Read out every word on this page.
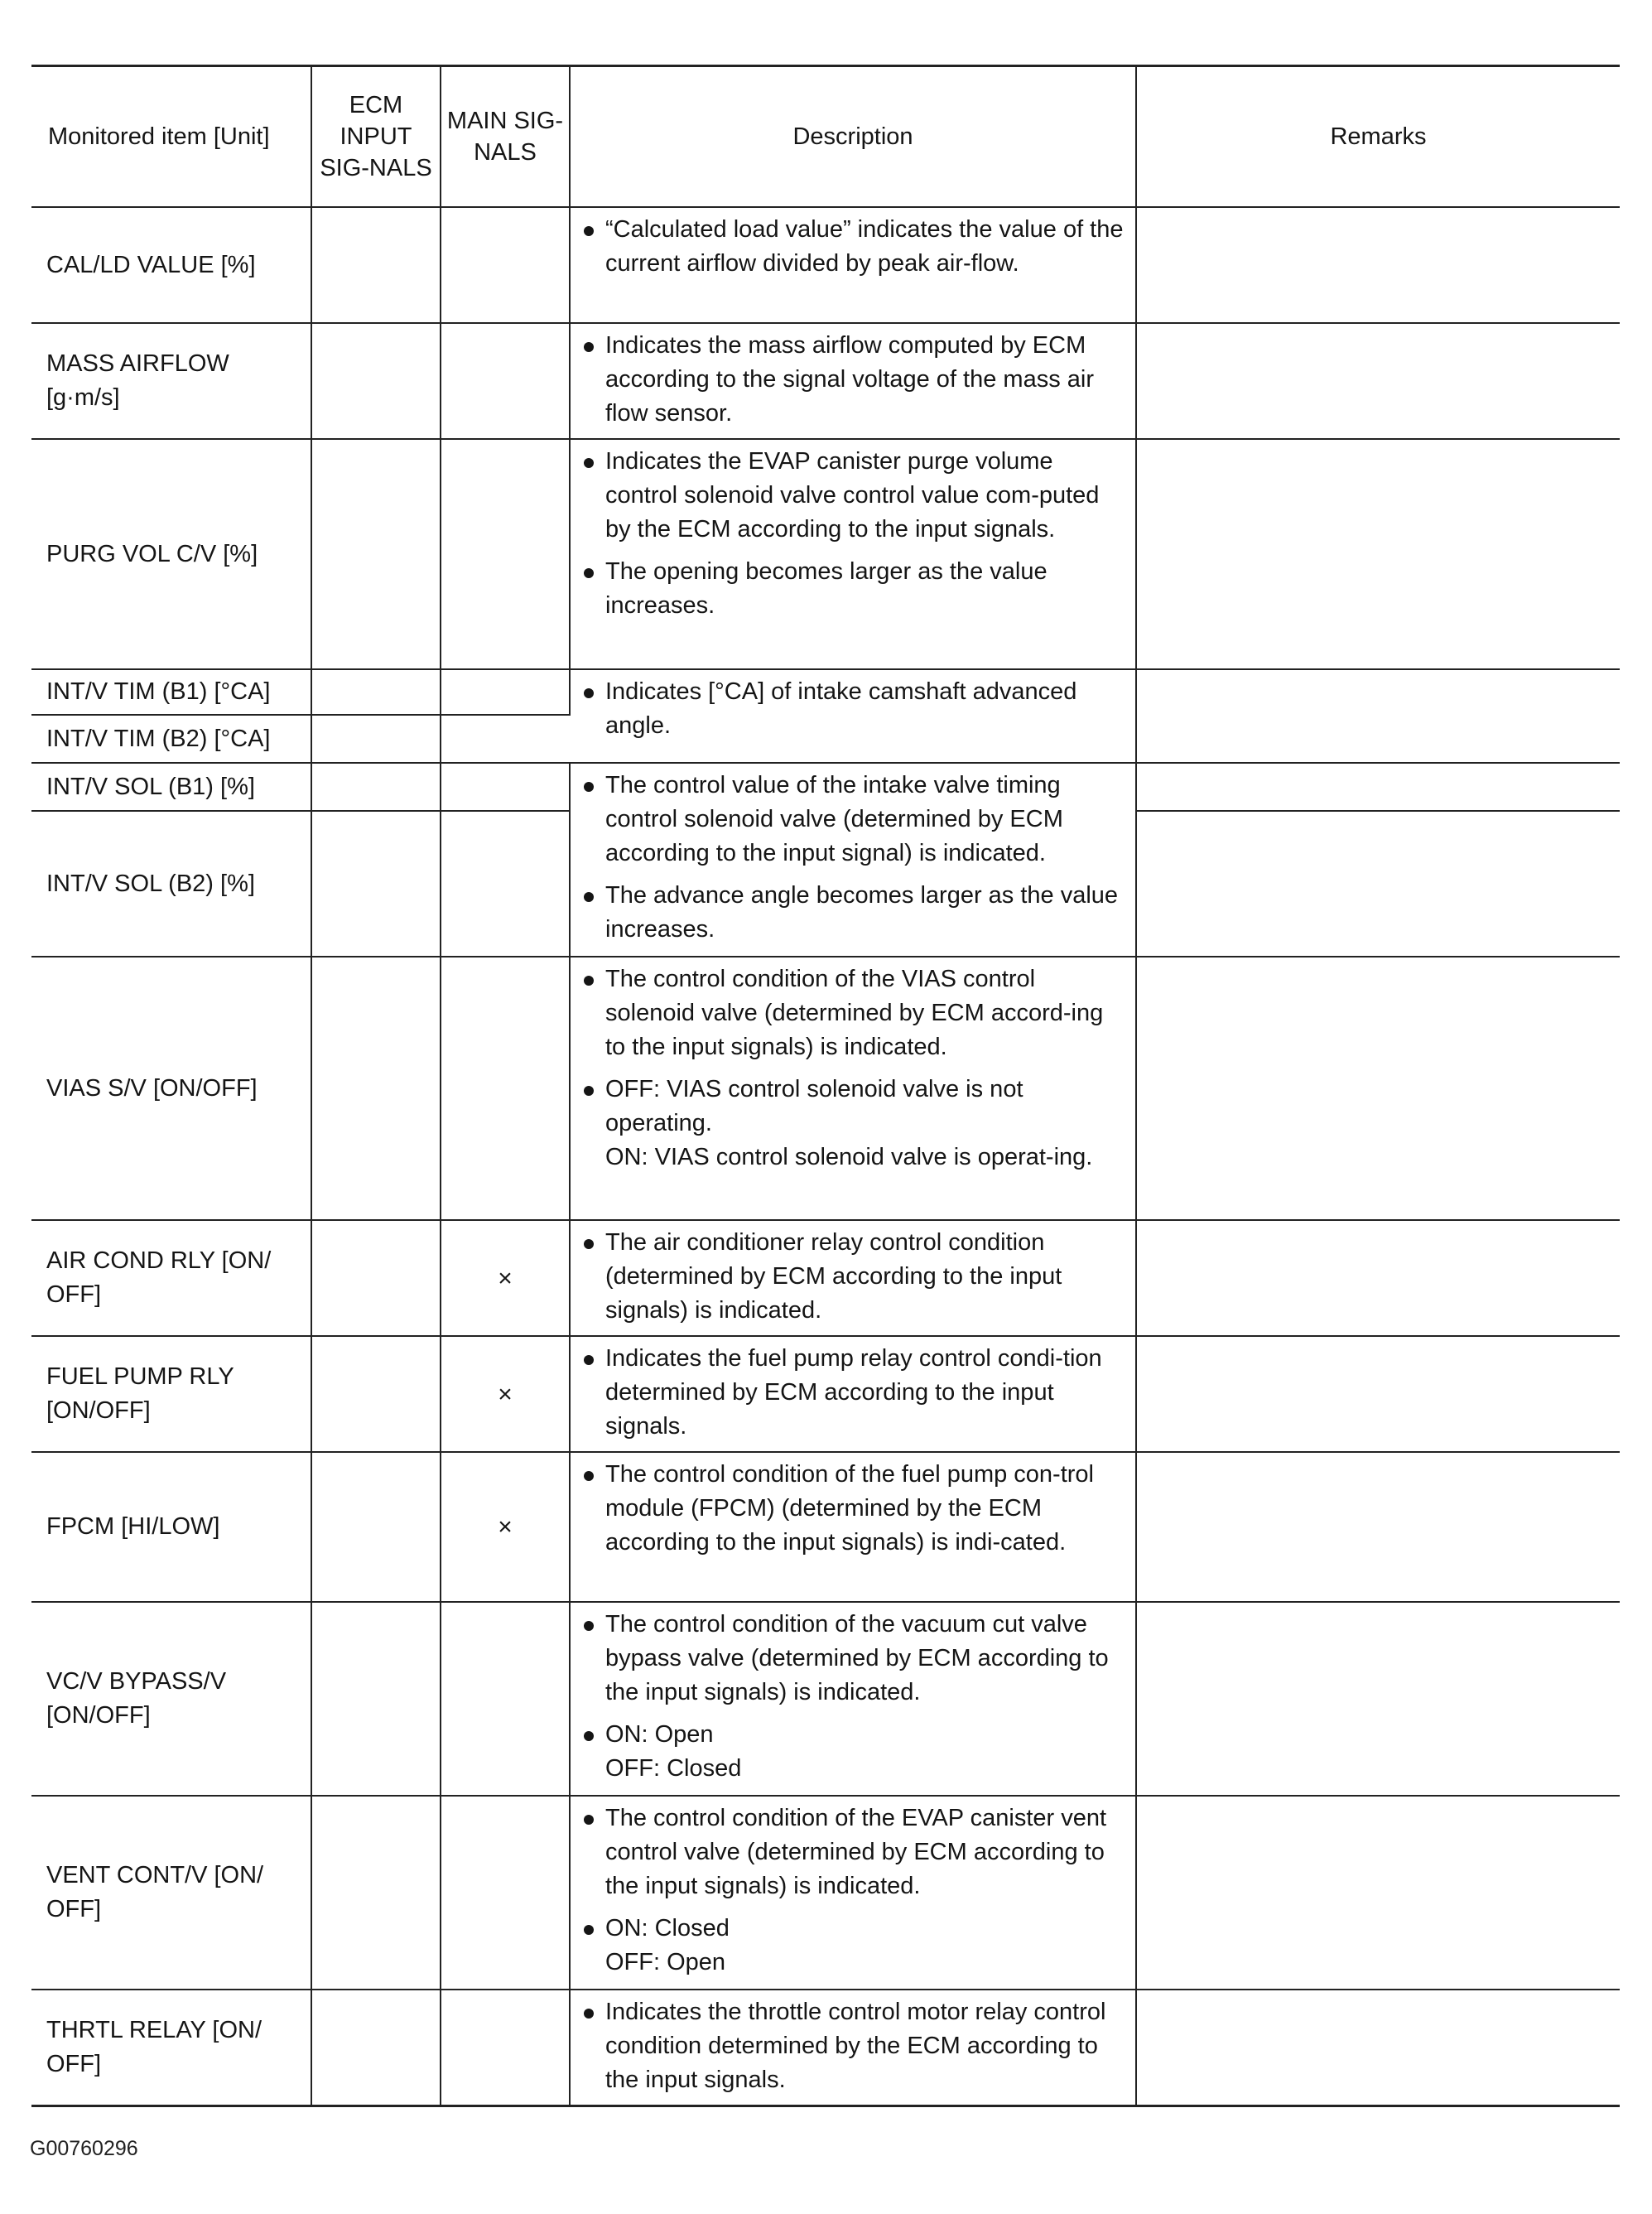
Monitored item [Unit]	ECM INPUT SIG-NALS	MAIN SIG-NALS	Description	Remarks
CAL/LD VALUE [%]			“Calculated load value” indicates the value of the current airflow divided by peak air-flow.	

MASS AIRFLOW [g·m/s]			Indicates the mass airflow computed by ECM according to the signal voltage of the mass air flow sensor.	

PURG VOL C/V [%]			Indicates the EVAP canister purge volume control solenoid valve control value com-puted by the ECM according to the input signals.
The opening becomes larger as the value increases.	

INT/V TIM (B1) [°CA]			Indicates [°CA] of intake camshaft advanced angle.	

INT/V TIM (B2) [°CA]				
INT/V SOL (B1) [%]			The control value of the intake valve timing control solenoid valve (determined by ECM according to the input signal) is indicated.
The advance angle becomes larger as the value increases.	

INT/V SOL (B2) [%]				
VIAS S/V [ON/OFF]			The control condition of the VIAS control solenoid valve (determined by ECM accord-ing to the input signals) is indicated.
OFF: VIAS control solenoid valve is not operating.
ON: VIAS control solenoid valve is operat-ing.	

AIR COND RLY [ON/ OFF]		×	The air conditioner relay control condition (determined by ECM according to the input signals) is indicated.	

FUEL PUMP RLY [ON/OFF]		×	Indicates the fuel pump relay control condi-tion determined by ECM according to the input signals.	

FPCM [HI/LOW]		×	The control condition of the fuel pump con-trol module (FPCM) (determined by the ECM according to the input signals) is indi-cated.	

VC/V BYPASS/V [ON/OFF]			The control condition of the vacuum cut valve bypass valve (determined by ECM according to the input signals) is indicated.
ON: Open
OFF: Closed	

VENT CONT/V [ON/ OFF]			The control condition of the EVAP canister vent control valve (determined by ECM according to the input signals) is indicated.
ON: Closed
OFF: Open	

THRTL RELAY [ON/ OFF]			Indicates the throttle control motor relay control condition determined by the ECM according to the input signals.	

G00760296
